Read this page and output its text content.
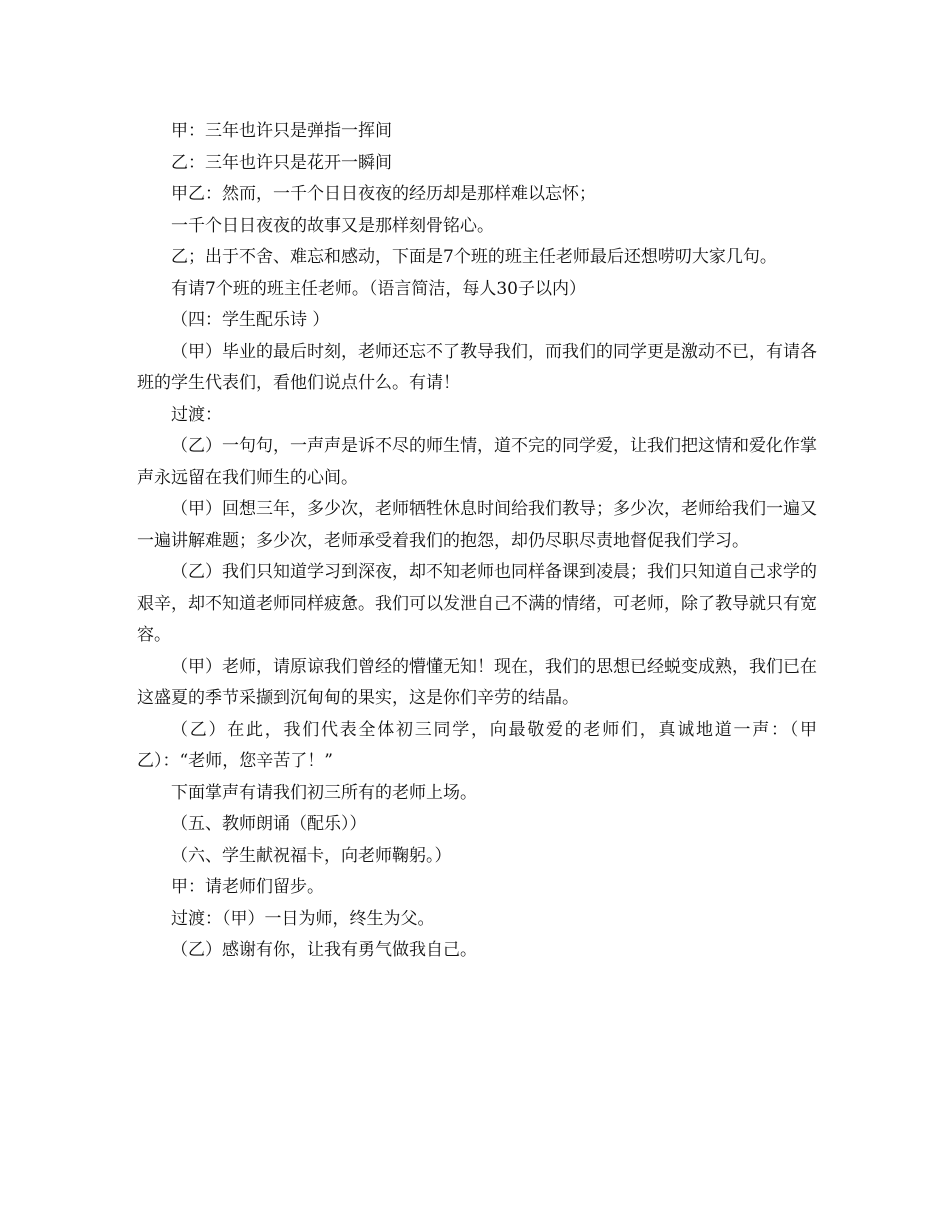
甲：三年也许只是弹指一挥间

乙：三年也许只是花开一瞬间

甲乙：然而，一千个日日夜夜的经历却是那样难以忘怀；

一千个日日夜夜的故事又是那样刻骨铭心。

乙；出于不舍、难忘和感动，下面是7个班的班主任老师最后还想唠叨大家几句。

有请7个班的班主任老师。（语言简洁，每人30子以内）

（四：学生配乐诗 ）

（甲）毕业的最后时刻，老师还忘不了教导我们，而我们的同学更是激动不已，有请各班的学生代表们，看他们说点什么。有请！

过渡：

（乙）一句句，一声声是诉不尽的师生情，道不完的同学爱，让我们把这情和爱化作掌声永远留在我们师生的心间。

（甲）回想三年，多少次，老师牺牲休息时间给我们教导；多少次，老师给我们一遍又一遍讲解难题；多少次，老师承受着我们的抱怨，却仍尽职尽责地督促我们学习。

（乙）我们只知道学习到深夜，却不知老师也同样备课到凌晨；我们只知道自己求学的艰辛，却不知道老师同样疲惫。我们可以发泄自己不满的情绪，可老师，除了教导就只有宽容。

（甲）老师，请原谅我们曾经的懵懂无知！现在，我们的思想已经蜕变成熟，我们已在这盛夏的季节采撷到沉甸甸的果实，这是你们辛劳的结晶。

（乙）在此，我们代表全体初三同学，向最敬爱的老师们，真诚地道一声：（甲乙）：“老师，您辛苦了！”

下面掌声有请我们初三所有的老师上场。

（五、教师朗诵（配乐））

（六、学生献祝福卡，向老师鞠躬。）

甲：请老师们留步。

过渡：（甲）一日为师，终生为父。

（乙）感谢有你，让我有勇气做我自己。
